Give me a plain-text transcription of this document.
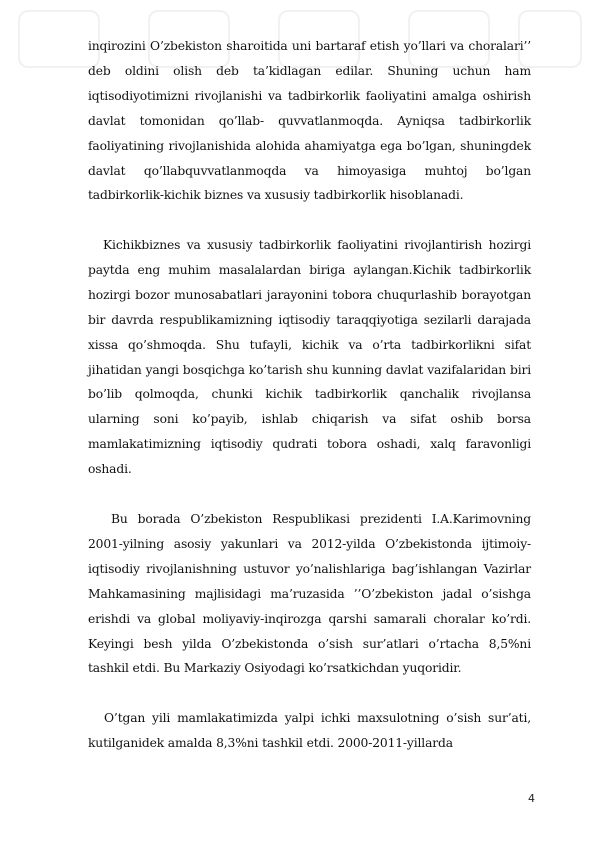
inqirozini O’zbekiston sharoitida uni bartaraf etish yo’llari va choralari’’ deb oldini olish deb ta’kidlagan edilar. Shuning uchun ham iqtisodiyotimizni rivojlanishi va tadbirkorlik faoliyatini amalga oshirish davlat tomonidan qo’llab- quvvatlanmoqda. Ayniqsa tadbirkorlik faoliyatining rivojlanishida alohida ahamiyatga ega bo’lgan, shuningdek davlat qo’llabquvvatlanmoqda va himoyasiga muhtoj bo’lgan tadbirkorlik-kichik biznes va xususiy tadbirkorlik hisoblanadi.

Kichikbiznes va xususiy tadbirkorlik faoliyatini rivojlantirish hozirgi paytda eng muhim masalalardan biriga aylangan.Kichik tadbirkorlik hozirgi bozor munosabatlari jarayonini tobora chuqurlashib borayotgan bir davrda respublikamizning iqtisodiy taraqqiyotiga sezilarli darajada xissa qo’shmoqda. Shu tufayli, kichik va o’rta tadbirkorlikni sifat jihatidan yangi bosqichga ko’tarish shu kunning davlat vazifalaridan biri bo’lib qolmoqda, chunki kichik tadbirkorlik qanchalik rivojlansa ularning soni ko’payib, ishlab chiqarish va sifat oshib borsa mamlakatimizning iqtisodiy qudrati tobora oshadi, xalq faravonligi oshadi.

Bu borada O’zbekiston Respublikasi prezidenti I.A.Karimovning 2001-yilning asosiy yakunlari va 2012-yilda O’zbekistonda ijtimoiy-iqtisodiy rivojlanishning ustuvor yo’nalishlariga bag’ishlangan Vazirlar Mahkamasining majlisidagi ma’ruzasida ’’O’zbekiston jadal o’sishga erishdi va global moliyaviy-inqirozga qarshi samarali choralar ko’rdi. Keyingi besh yilda O’zbekistonda o’sish sur’atlari o’rtacha 8,5%ni tashkil etdi. Bu Markaziy Osiyodagi ko’rsatkichdan yuqoridir.

O’tgan yili mamlakatimizda yalpi ichki maxsulotning o’sish sur’ati, kutilganidek amalda 8,3%ni tashkil etdi. 2000-2011-yillarda

4
